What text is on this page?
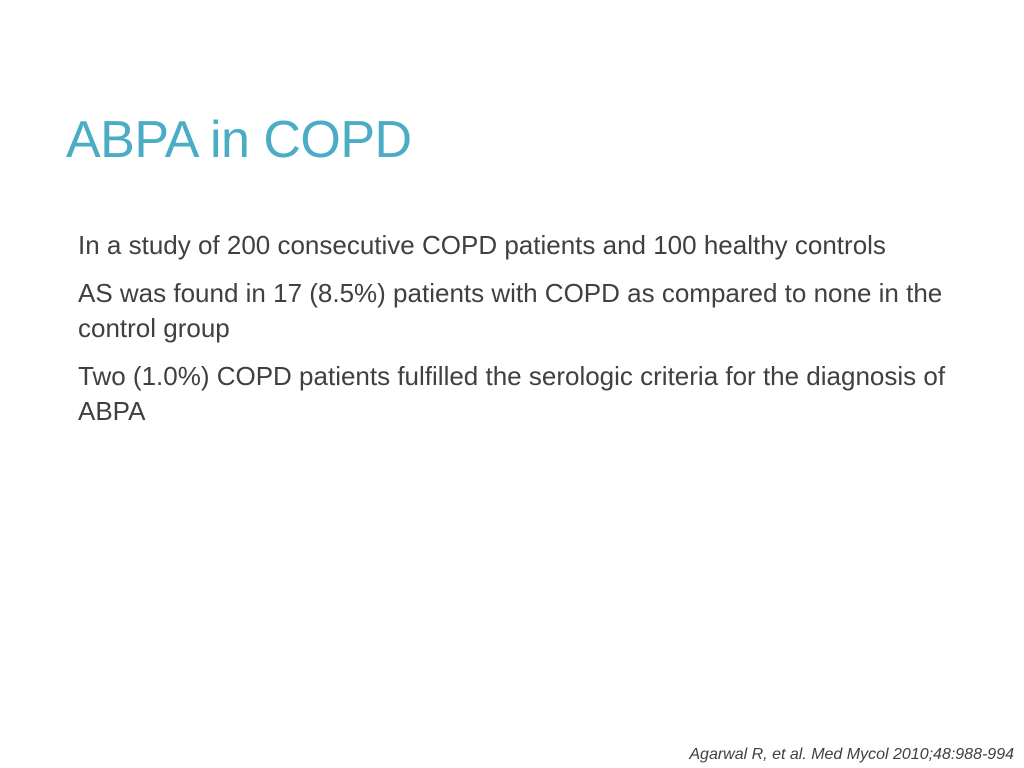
ABPA in COPD

In a study of 200 consecutive COPD patients and 100 healthy controls

AS was found in 17 (8.5%) patients with COPD as compared to none in the control group

Two (1.0%) COPD patients fulfilled the serologic criteria for the diagnosis of ABPA

Agarwal R, et al. Med Mycol 2010;48:988-994
